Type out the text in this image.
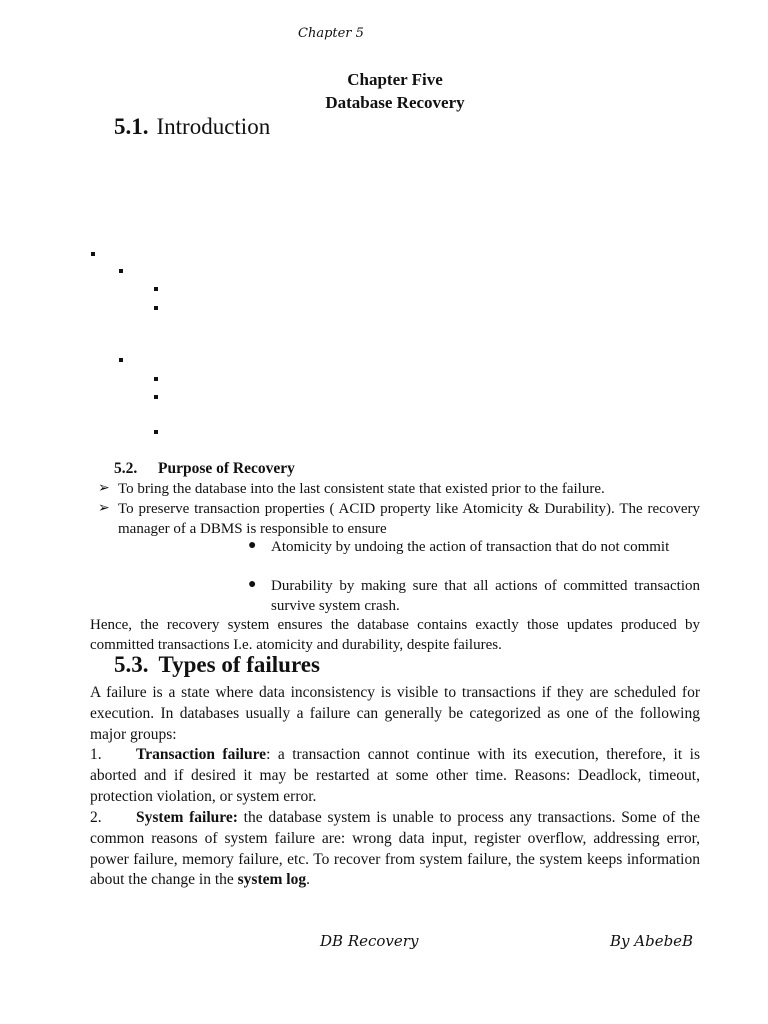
Chapter 5
Chapter Five
Database Recovery
5.1. Introduction
5.2. Purpose of Recovery
➢ To bring the database into the last consistent state that existed prior to the failure.
➢ To preserve transaction properties ( ACID property like Atomicity & Durability). The recovery manager of a DBMS is responsible to ensure
● Atomicity by undoing the action of transaction that do not commit
● Durability by making sure that all actions of committed transaction survive system crash.
Hence, the recovery system ensures the database contains exactly those updates produced by committed transactions I.e. atomicity and durability, despite failures.
5.3. Types of failures
A failure is a state where data inconsistency is visible to transactions if they are scheduled for execution. In databases usually a failure can generally be categorized as one of the following major groups:
1. Transaction failure: a transaction cannot continue with its execution, therefore, it is aborted and if desired it may be restarted at some other time. Reasons: Deadlock, timeout, protection violation, or system error.
2. System failure: the database system is unable to process any transactions. Some of the common reasons of system failure are: wrong data input, register overflow, addressing error, power failure, memory failure, etc. To recover from system failure, the system keeps information about the change in the system log.
DB Recovery	By AbebeB
